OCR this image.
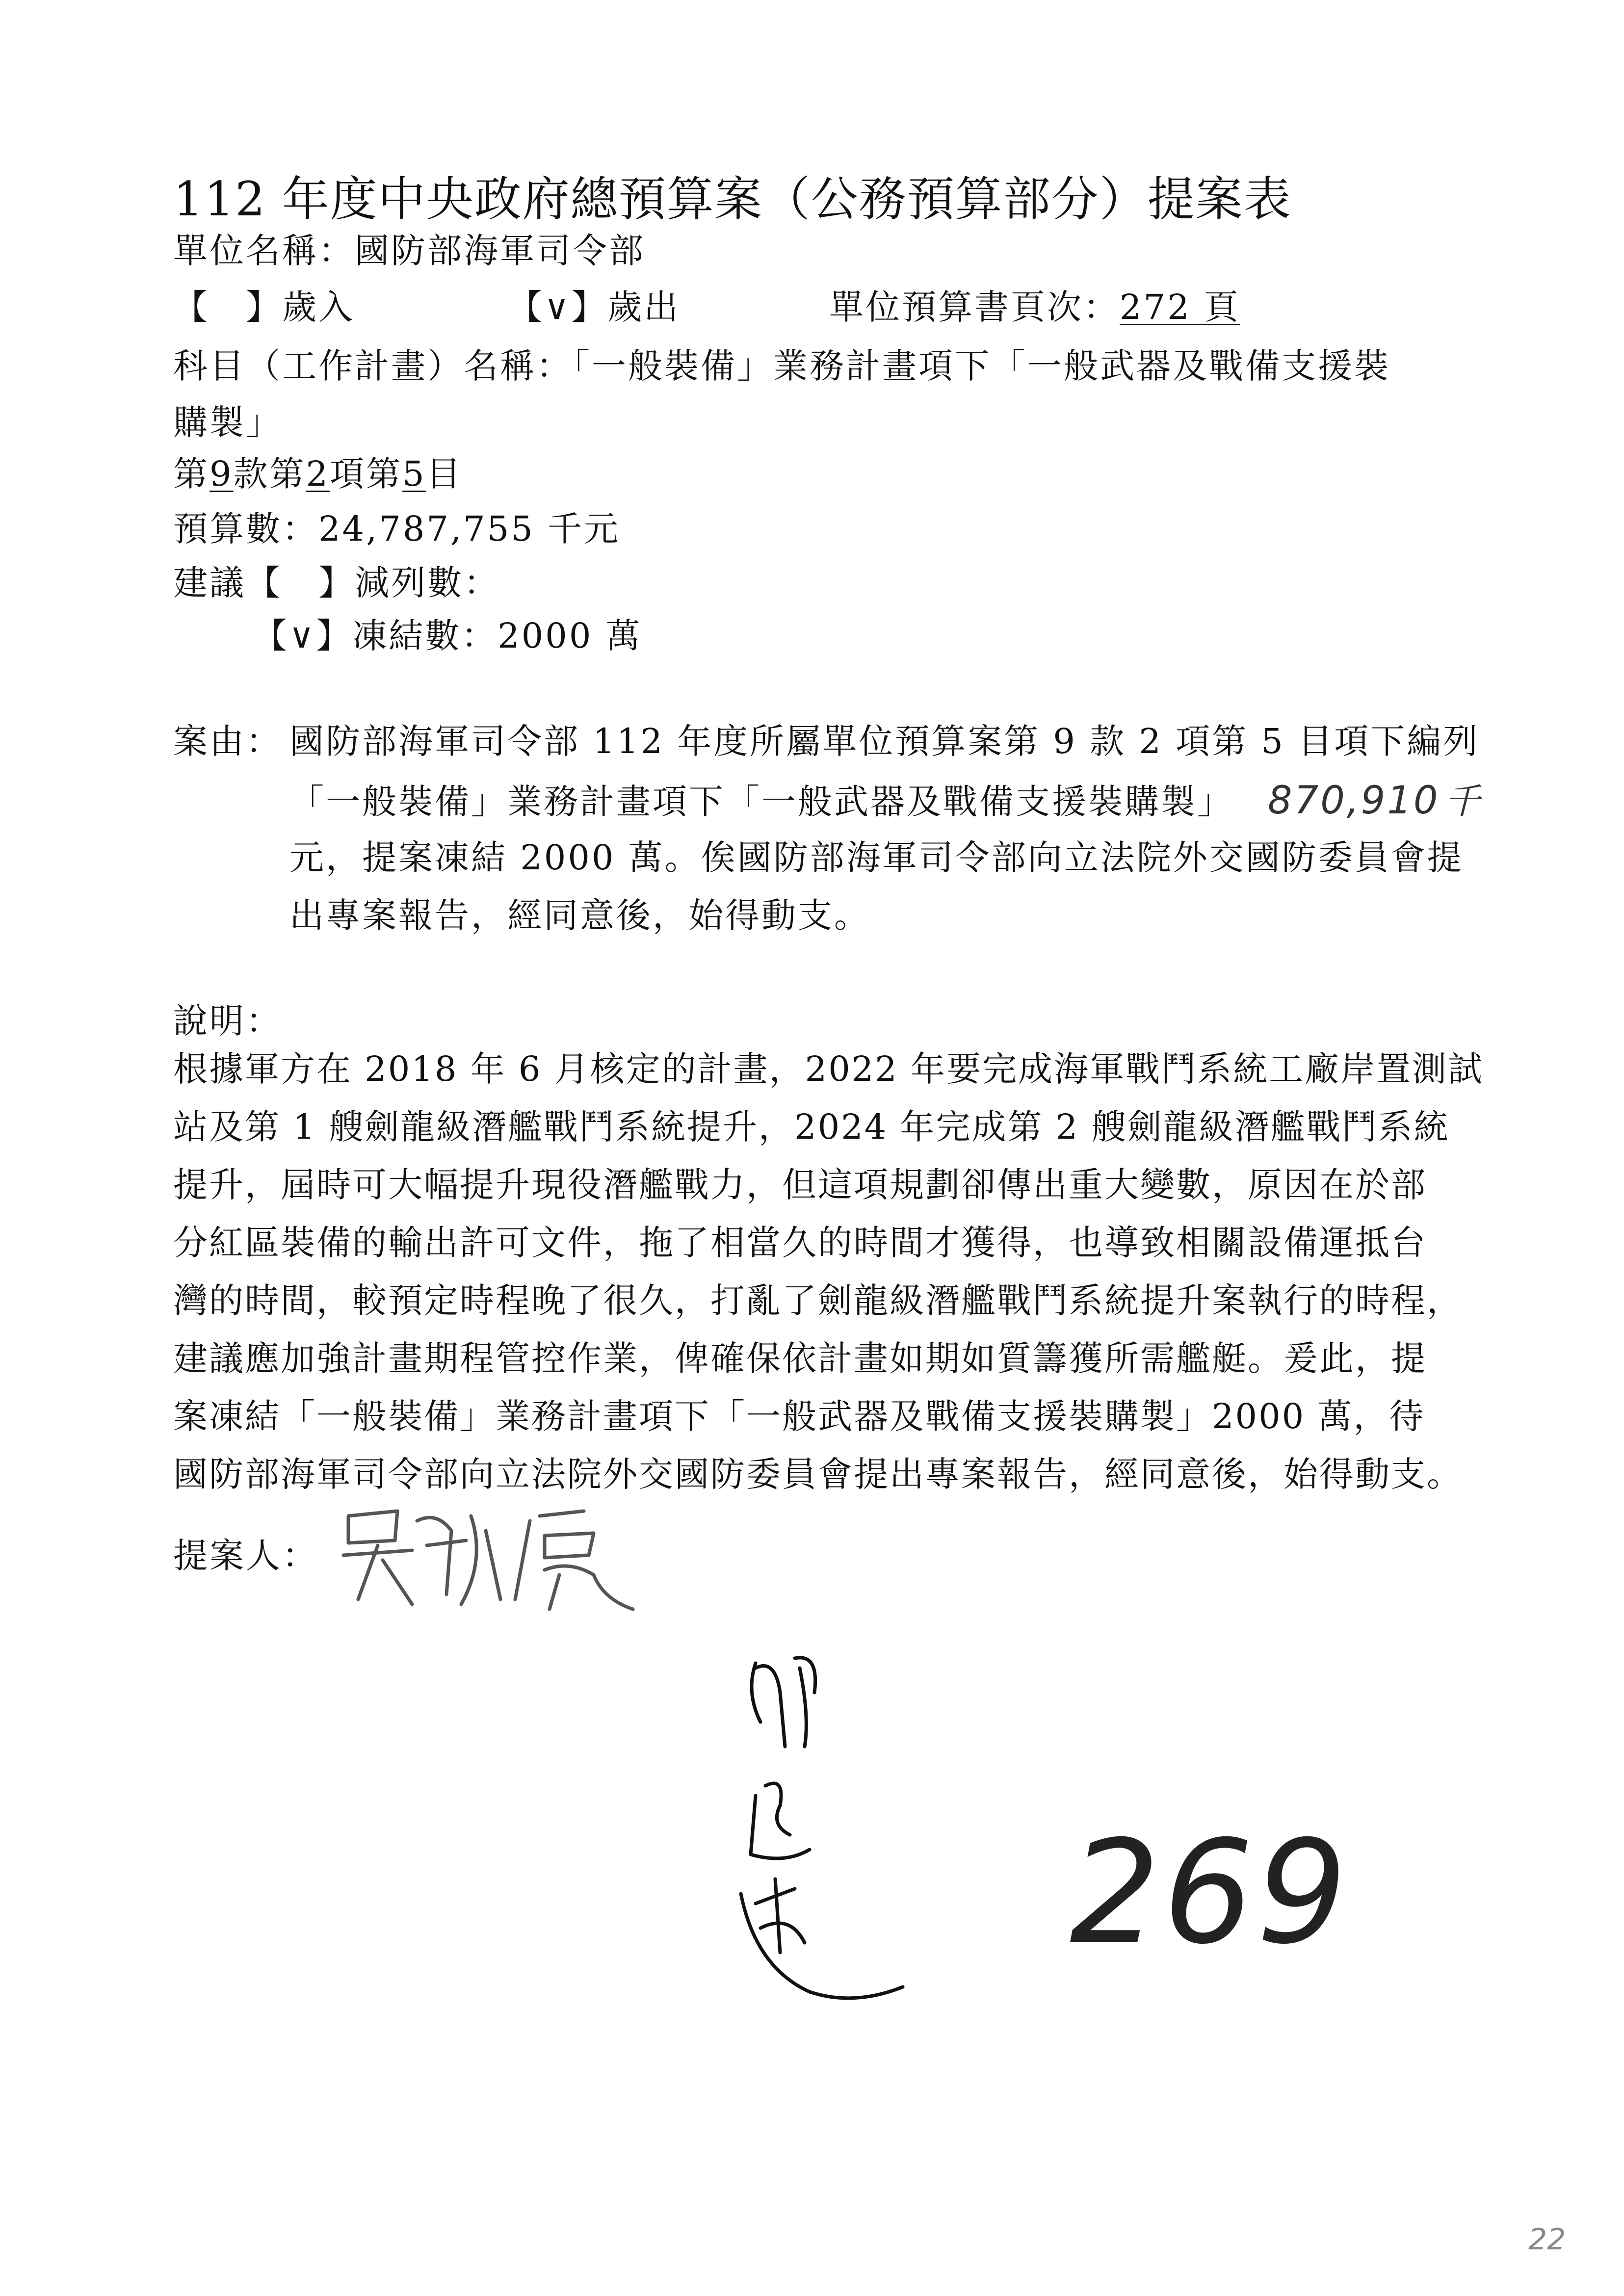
112 年度中央政府總預算案（公務預算部分）提案表
單位名稱：國防部海軍司令部
【　】歲入	【∨】歲出	單位預算書頁次：272 頁
科目（工作計畫）名稱：「一般裝備」業務計畫項下「一般武器及戰備支援裝
購製」
第9款第2項第5目
預算數：24,787,755 千元
建議【　】減列數：
【∨】凍結數：2000 萬
案由： 國防部海軍司令部 112 年度所屬單位預算案第 9 款 2 項第 5 目項下編列
「一般裝備」業務計畫項下「一般武器及戰備支援裝購製」 870,910 千
元，提案凍結 2000 萬。俟國防部海軍司令部向立法院外交國防委員會提
出專案報告，經同意後，始得動支。
說明：
根據軍方在 2018 年 6 月核定的計畫，2022 年要完成海軍戰鬥系統工廠岸置測試
站及第 1 艘劍龍級潛艦戰鬥系統提升，2024 年完成第 2 艘劍龍級潛艦戰鬥系統
提升，屆時可大幅提升現役潛艦戰力，但這項規劃卻傳出重大變數，原因在於部
分紅區裝備的輸出許可文件，拖了相當久的時間才獲得，也導致相關設備運抵台
灣的時間，較預定時程晚了很久，打亂了劍龍級潛艦戰鬥系統提升案執行的時程，
建議應加強計畫期程管控作業，俾確保依計畫如期如質籌獲所需艦艇。爰此，提
案凍結「一般裝備」業務計畫項下「一般武器及戰備支援裝購製」2000 萬，待
國防部海軍司令部向立法院外交國防委員會提出專案報告，經同意後，始得動支。
提案人：
269
22
